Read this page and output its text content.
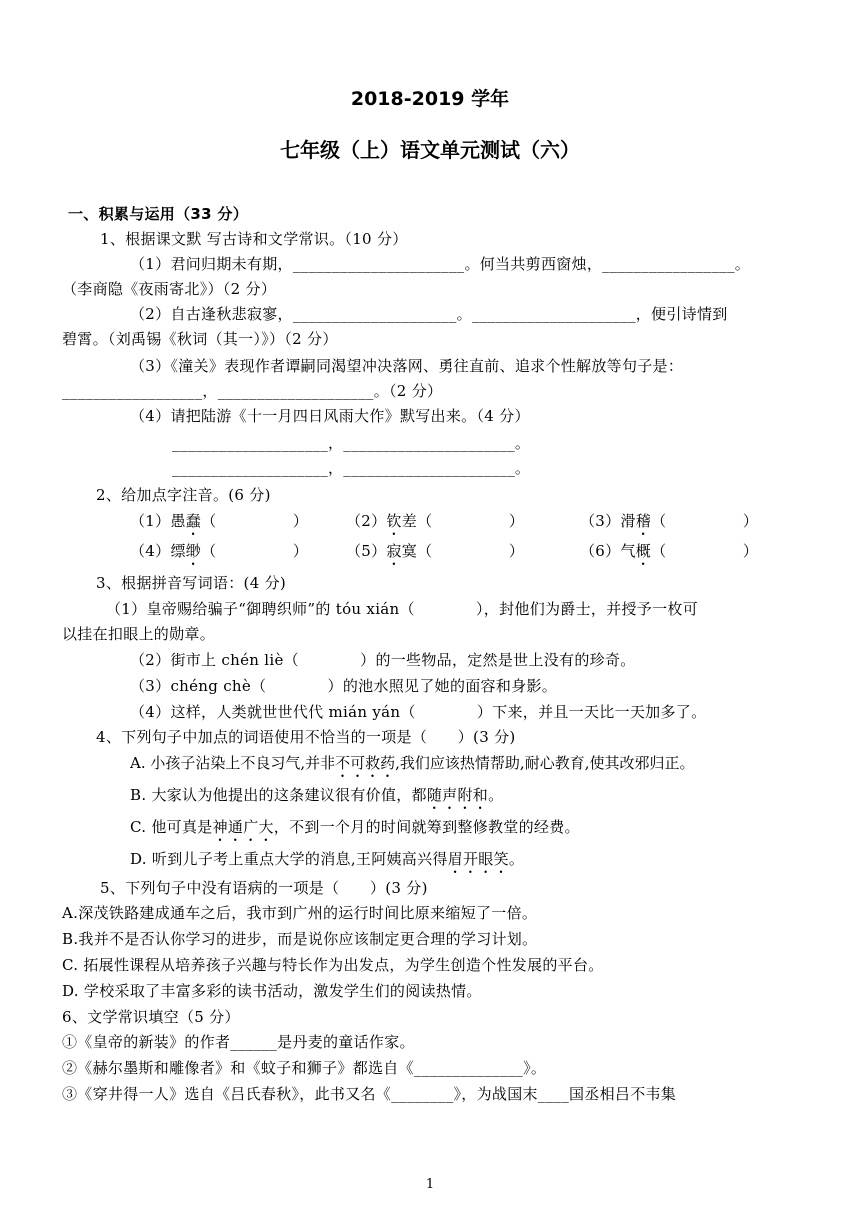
2018-2019 学年
七年级（上）语文单元测试（六）
一、积累与运用（33 分）
1、根据课文默 写古诗和文学常识。（10 分）
（1）君问归期未有期，______________________。何当共剪西窗烛，_________________。
（李商隐《夜雨寄北》）（2 分）
（2）自古逢秋悲寂寥，_____________________。_____________________，便引诗情到
碧霄。（刘禹锡《秋词（其一）》）（2 分）
（3）《潼关》表现作者谭嗣同渴望冲决落网、勇往直前、追求个性解放等句子是：
__________________，____________________。（2 分）
（4）请把陆游《十一月四日风雨大作》默写出来。（4 分）
____________________，______________________。
____________________，______________________。
2、给加点字注音。(6 分)
（1）愚蠢（　　　　　）	（2）钦差（　　　　　）	（3）滑稽（　　　　　）
（4）缥缈（　　　　　）	（5）寂寞（　　　　　）	（6）气概（　　　　　）
3、根据拼音写词语：(4 分)
（1）皇帝赐给骗子“御聘织师”的 tóu xián（　　　　），封他们为爵士，并授予一枚可
以挂在扣眼上的勋章。
（2）街市上 chén liè（　　　　）的一些物品，定然是世上没有的珍奇。
（3）chéng chè（　　　　）的池水照见了她的面容和身影。
（4）这样，人类就世世代代 mián yán（　　　　）下来，并且一天比一天加多了。
4、下列句子中加点的词语使用不恰当的一项是（　　）(3 分)
A. 小孩子沾染上不良习气,并非不可救药,我们应该热情帮助,耐心教育,使其改邪归正。
B. 大家认为他提出的这条建议很有价值，都随声附和。
C. 他可真是神通广大，不到一个月的时间就筹到整修教堂的经费。
D. 听到儿子考上重点大学的消息,王阿姨高兴得眉开眼笑。
5、下列句子中没有语病的一项是（　　）(3 分)
A.深茂铁路建成通车之后，我市到广州的运行时间比原来缩短了一倍。
B.我并不是否认你学习的进步，而是说你应该制定更合理的学习计划。
C. 拓展性课程从培养孩子兴趣与特长作为出发点，为学生创造个性发展的平台。
D. 学校采取了丰富多彩的读书活动，激发学生们的阅读热情。
6、文学常识填空（5 分）
①《皇帝的新装》的作者______是丹麦的童话作家。
②《赫尔墨斯和雕像者》和《蚊子和狮子》都选自《______________》。
③《穿井得一人》选自《吕氏春秋》，此书又名《________》，为战国末____国丞相吕不韦集
1
